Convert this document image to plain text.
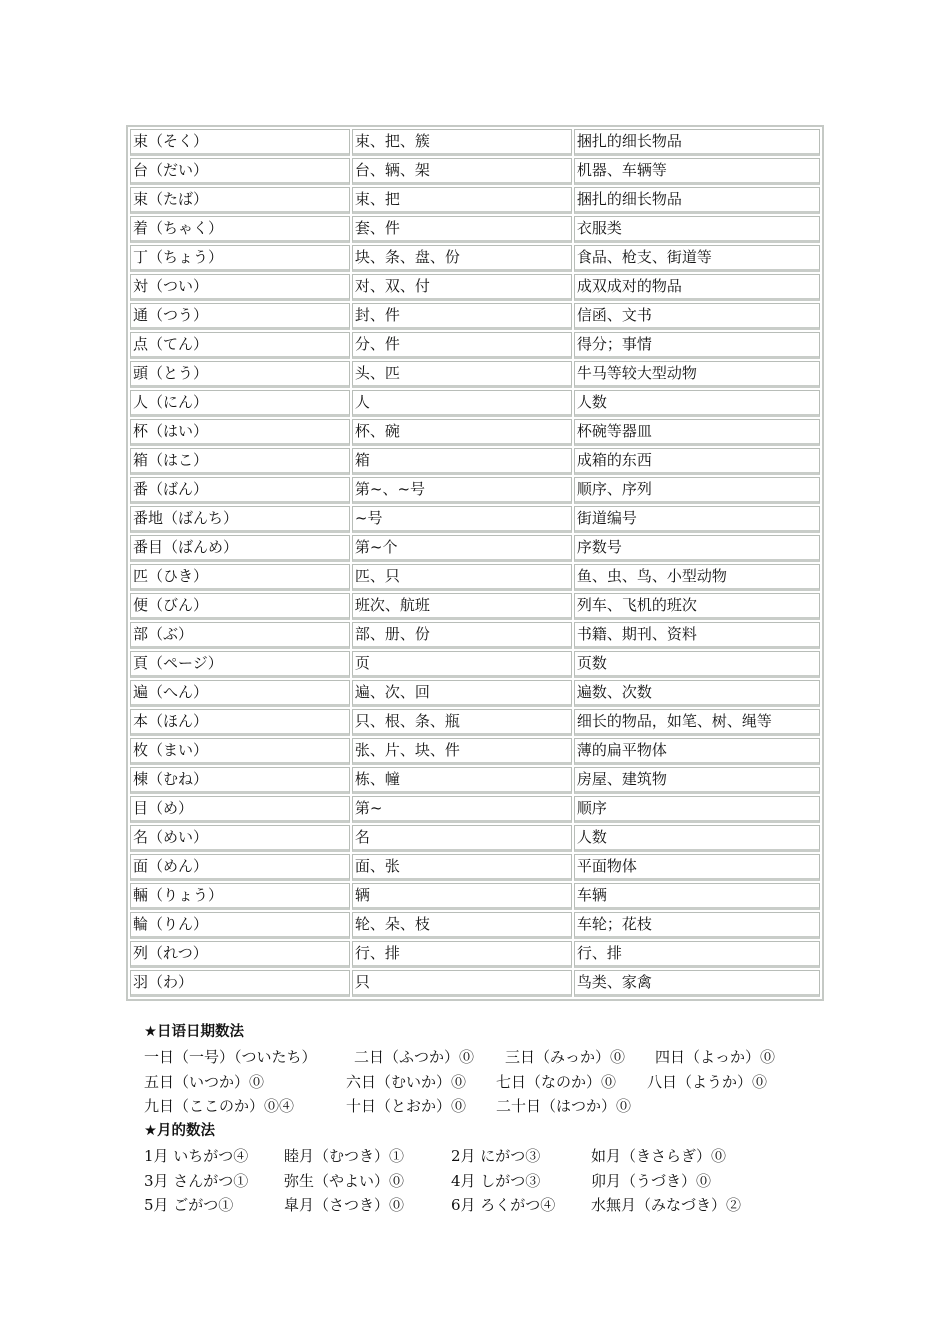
束（そく）	束、把、簇	捆扎的细长物品
台（だい）	台、辆、架	机器、车辆等
束（たば）	束、把	捆扎的细长物品
着（ちゃく）	套、件	衣服类
丁（ちょう）	块、条、盘、份	食品、枪支、街道等
対（つい）	对、双、付	成双成对的物品
通（つう）	封、件	信函、文书
点（てん）	分、件	得分；事情
頭（とう）	头、匹	牛马等较大型动物
人（にん）	人	人数
杯（はい）	杯、碗	杯碗等器皿
箱（はこ）	箱	成箱的东西
番（ばん）	第~、~号	顺序、序列
番地（ばんち）	~号	街道编号
番目（ばんめ）	第~个	序数号
匹（ひき）	匹、只	鱼、虫、鸟、小型动物
便（びん）	班次、航班	列车、飞机的班次
部（ぶ）	部、册、份	书籍、期刊、资料
頁（ページ）	页	页数
遍（へん）	遍、次、回	遍数、次数
本（ほん）	只、根、条、瓶	细长的物品，如笔、树、绳等
枚（まい）	张、片、块、件	薄的扁平物体
棟（むね）	栋、幢	房屋、建筑物
目（め）	第~	顺序
名（めい）	名	人数
面（めん）	面、张	平面物体
輛（りょう）	辆	车辆
輪（りん）	轮、朵、枝	车轮；花枝
列（れつ）	行、排	行、排
羽（わ）	只	鸟类、家禽
★日语日期数法
一日（一号）（ついたち） 二日（ふつか）⓪ 三日（みっか）⓪ 四日（よっか）⓪
五日（いつか）⓪	六日（むいか）⓪ 七日（なのか）⓪ 八日（ようか）⓪
九日（ここのか）⓪④	十日（とおか）⓪ 二十日（はつか）⓪
★月的数法
1月 いちがつ④ 睦月（むつき）①	2月 にがつ③	如月（きさらぎ）⓪
3月 さんがつ① 弥生（やよい）⓪	4月 しがつ③	卯月（うづき）⓪
5月 ごがつ①	皐月（さつき）⓪	6月 ろくがつ④ 水無月（みなづき）②
